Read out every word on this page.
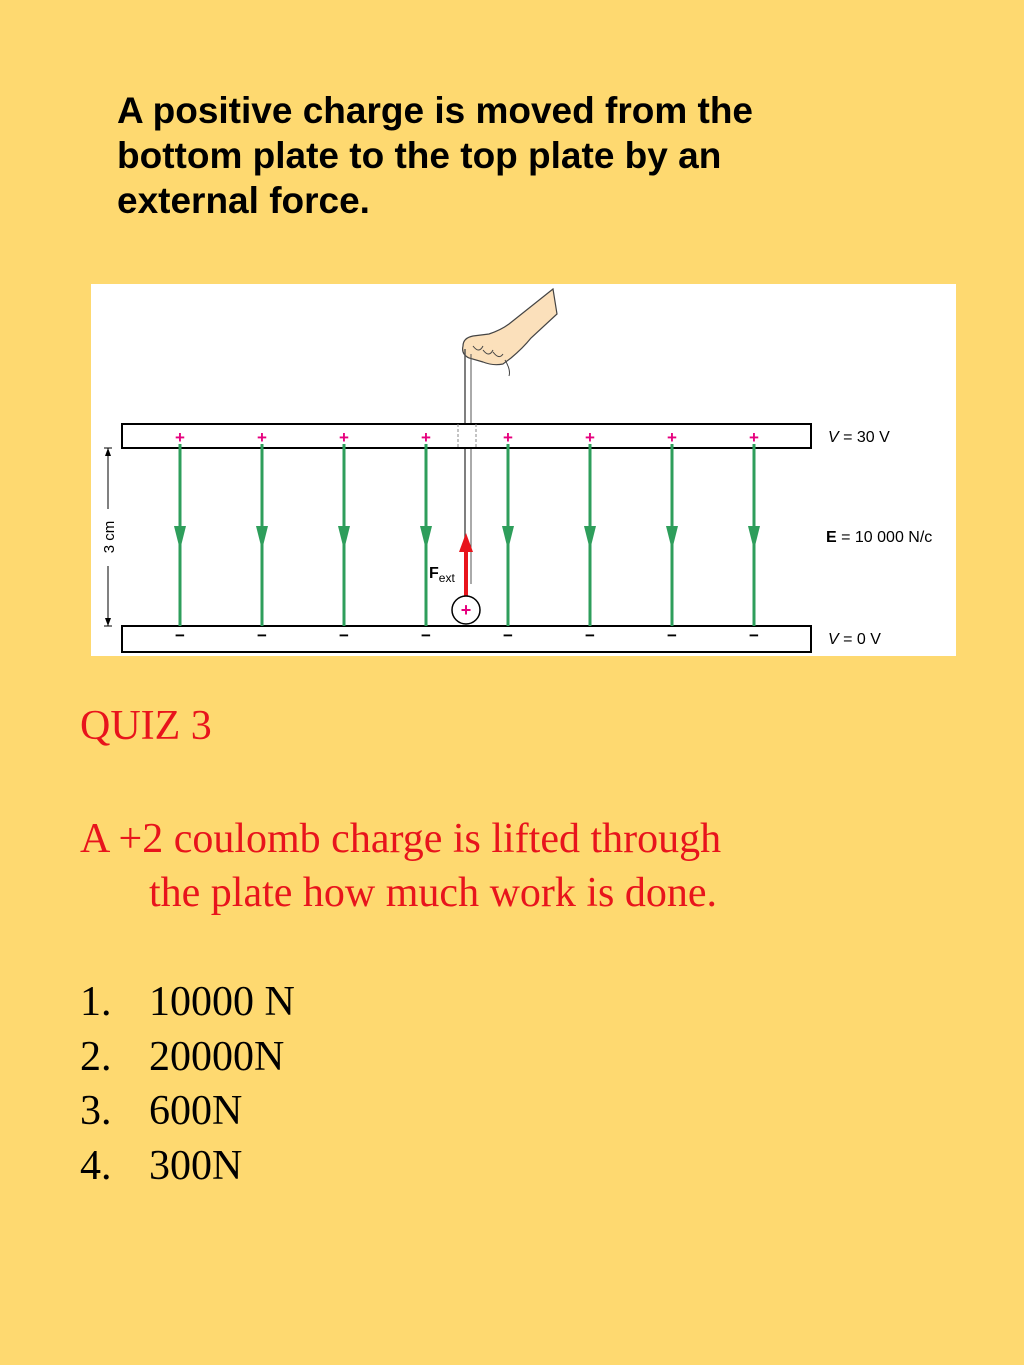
A positive charge is moved from the
bottom plate to the top plate by an
external force.
+
−
+
−
+
−
+
−
+
−
+
−
+
−
+
−
3 cm
$F_{ext}$
+
V = 30 V
E = 10 000 N/c
V = 0 V
QUIZ 3
A +2 coulomb charge is lifted through
the plate how much work is done.
1. 10000 N
2. 20000N
3. 600N
4. 300N
